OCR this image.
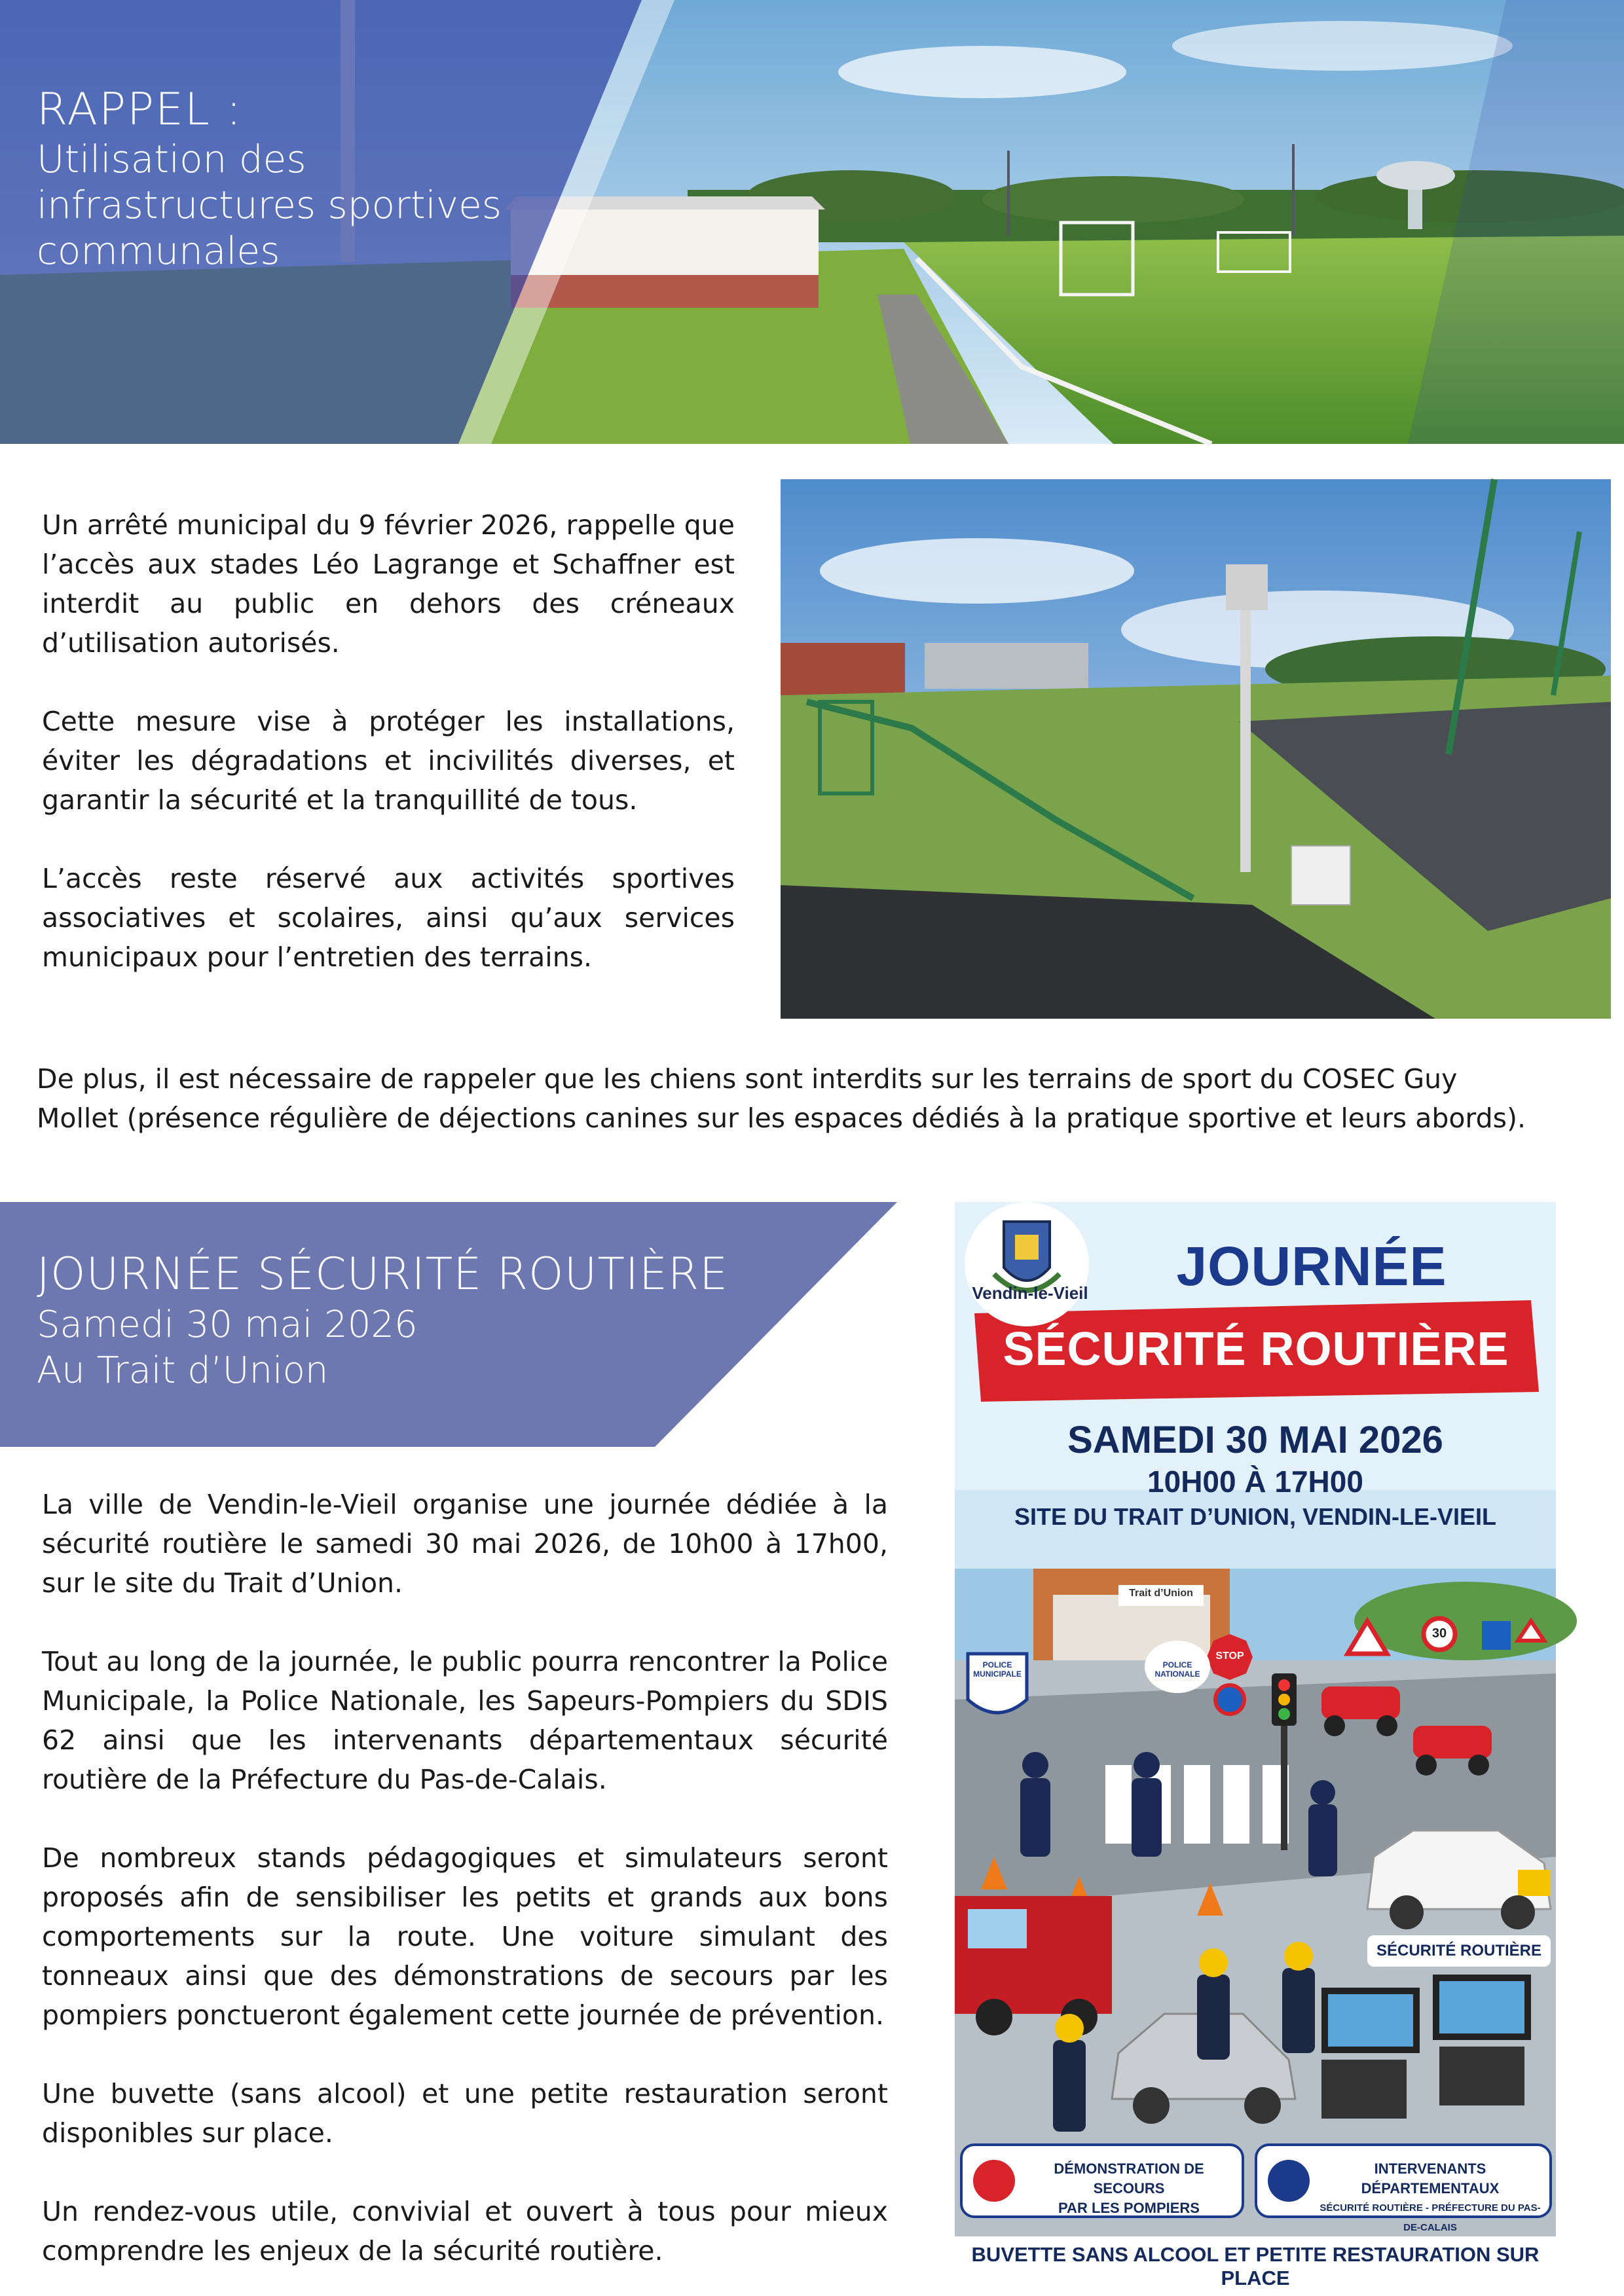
RAPPEL :
Utilisation des
infrastructures sportives
communales

Un arrêté municipal du 9 février 2026, rappelle que l’accès aux stades Léo Lagrange et Schaffner est interdit au public en dehors des créneaux d’utilisation autorisés.

Cette mesure vise à protéger les installations, éviter les dégradations et incivilités diverses, et garantir la sécurité et la tranquillité de tous.

L’accès reste réservé aux activités sportives associatives et scolaires, ainsi qu’aux services municipaux pour l’entretien des terrains.

De plus, il est nécessaire de rappeler que les chiens sont interdits sur les terrains de sport du COSEC Guy Mollet (présence régulière de déjections canines sur les espaces dédiés à la pratique sportive et leurs abords).

JOURNÉE SÉCURITÉ ROUTIÈRE
Samedi 30 mai 2026
Au Trait d’Union

La ville de Vendin-le-Vieil organise une journée dédiée à la sécurité routière le samedi 30 mai 2026, de 10h00 à 17h00, sur le site du Trait d’Union.

Tout au long de la journée, le public pourra rencontrer la Police Municipale, la Police Nationale, les Sapeurs-Pompiers du SDIS 62 ainsi que les intervenants départementaux sécurité routière de la Préfecture du Pas-de-Calais.

De nombreux stands pédagogiques et simulateurs seront proposés afin de sensibiliser les petits et grands aux bons comportements sur la route. Une voiture simulant des tonneaux ainsi que des démonstrations de secours par les pompiers ponctueront également cette journée de prévention.

Une buvette (sans alcool) et une petite restauration seront disponibles sur place.

Un rendez-vous utile, convivial et ouvert à tous pour mieux comprendre les enjeux de la sécurité routière.

Vendin-le-Vieil	JOURNÉE
SÉCURITÉ ROUTIÈRE
SAMEDI 30 MAI 2026
10H00 À 17H00
SITE DU TRAIT D’UNION, VENDIN-LE-VIEIL
Trait d’Union
POLICE MUNICIPALE
POLICE NATIONALE
STOP
30
SÉCURITÉ ROUTIÈRE
DÉMONSTRATION DE SECOURS
PAR LES POMPIERS
INTERVENANTS DÉPARTEMENTAUX
SÉCURITÉ ROUTIÈRE - PRÉFECTURE DU PAS-DE-CALAIS
BUVETTE SANS ALCOOL ET PETITE RESTAURATION SUR PLACE
